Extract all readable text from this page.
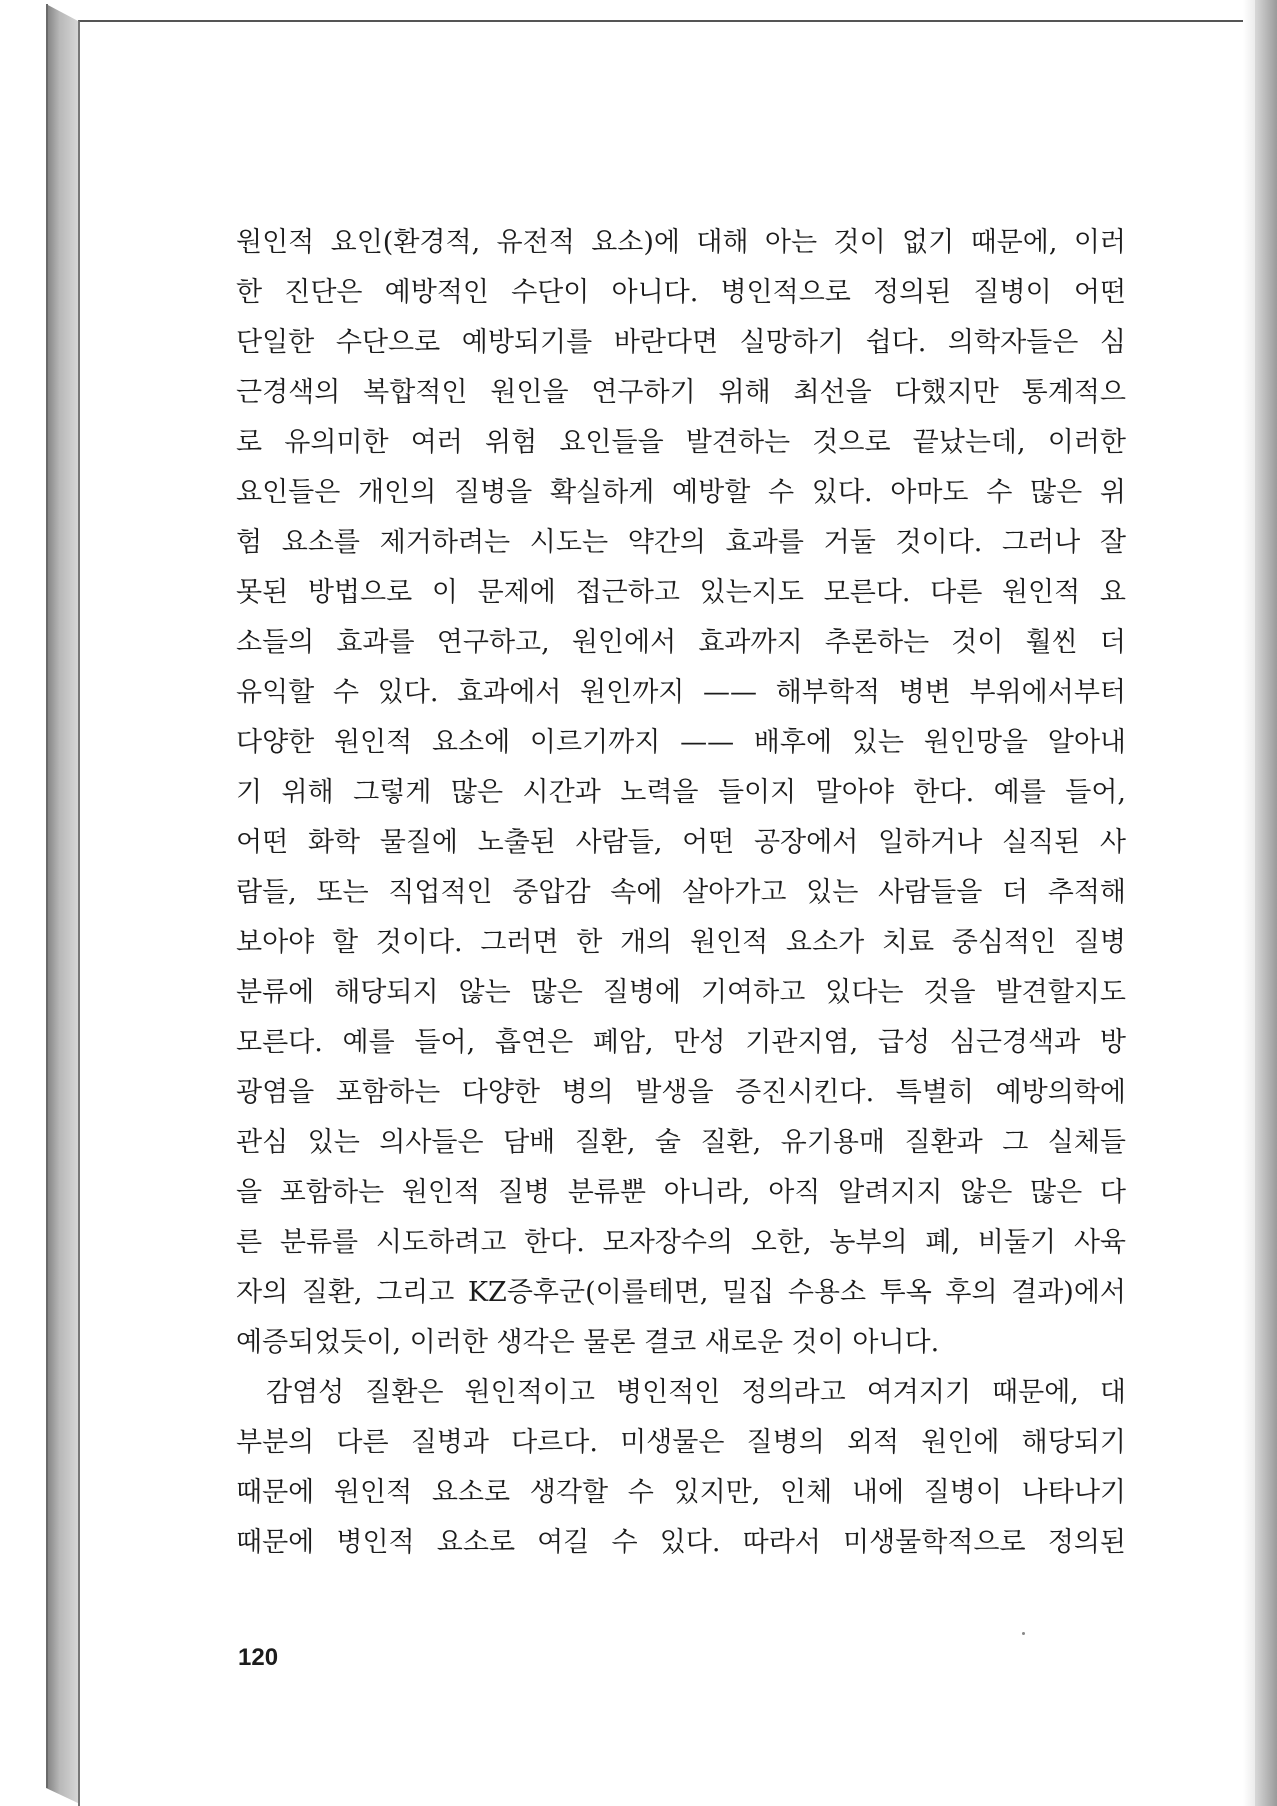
원인적 요인(환경적, 유전적 요소)에 대해 아는 것이 없기 때문에, 이러
한 진단은 예방적인 수단이 아니다. 병인적으로 정의된 질병이 어떤
단일한 수단으로 예방되기를 바란다면 실망하기 쉽다. 의학자들은 심
근경색의 복합적인 원인을 연구하기 위해 최선을 다했지만 통계적으
로 유의미한 여러 위험 요인들을 발견하는 것으로 끝났는데, 이러한
요인들은 개인의 질병을 확실하게 예방할 수 있다. 아마도 수 많은 위
험 요소를 제거하려는 시도는 약간의 효과를 거둘 것이다. 그러나 잘
못된 방법으로 이 문제에 접근하고 있는지도 모른다. 다른 원인적 요
소들의 효과를 연구하고, 원인에서 효과까지 추론하는 것이 훨씬 더
유익할 수 있다. 효과에서 원인까지 —— 해부학적 병변 부위에서부터
다양한 원인적 요소에 이르기까지 —— 배후에 있는 원인망을 알아내
기 위해 그렇게 많은 시간과 노력을 들이지 말아야 한다. 예를 들어,
어떤 화학 물질에 노출된 사람들, 어떤 공장에서 일하거나 실직된 사
람들, 또는 직업적인 중압감 속에 살아가고 있는 사람들을 더 추적해
보아야 할 것이다. 그러면 한 개의 원인적 요소가 치료 중심적인 질병
분류에 해당되지 않는 많은 질병에 기여하고 있다는 것을 발견할지도
모른다. 예를 들어, 흡연은 폐암, 만성 기관지염, 급성 심근경색과 방
광염을 포함하는 다양한 병의 발생을 증진시킨다. 특별히 예방의학에
관심 있는 의사들은 담배 질환, 술 질환, 유기용매 질환과 그 실체들
을 포함하는 원인적 질병 분류뿐 아니라, 아직 알려지지 않은 많은 다
른 분류를 시도하려고 한다. 모자장수의 오한, 농부의 폐, 비둘기 사육
자의 질환, 그리고 KZ증후군(이를테면, 밀집 수용소 투옥 후의 결과)에서
예증되었듯이, 이러한 생각은 물론 결코 새로운 것이 아니다.
감염성 질환은 원인적이고 병인적인 정의라고 여겨지기 때문에, 대
부분의 다른 질병과 다르다. 미생물은 질병의 외적 원인에 해당되기
때문에 원인적 요소로 생각할 수 있지만, 인체 내에 질병이 나타나기
때문에 병인적 요소로 여길 수 있다. 따라서 미생물학적으로 정의된
120
